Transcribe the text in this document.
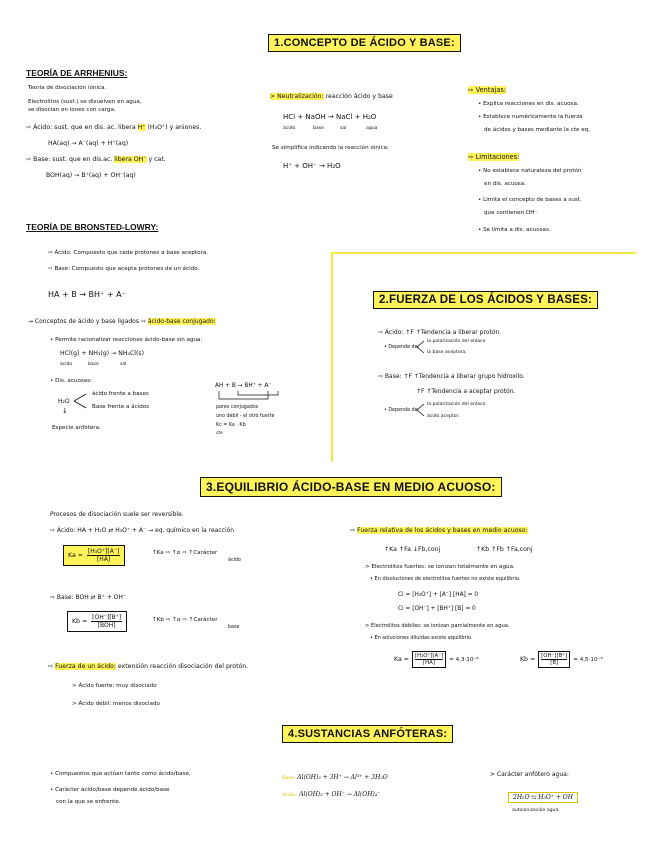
1.CONCEPTO DE ÁCIDO Y BASE:
TEORÍA DE ARRHENIUS:
Teoría de disociación iónica.
Electrolitos (sust.) se disuelven en agua,
se disocian en iones con carga.
⇨ Ácido: sust. que en dis. ac. libera H⁺ (H₃O⁺) y aniones.
HA(aq) → A⁻(aq) + H⁺(aq)
⇨ Base: sust. que en dis.ac. libera OH⁻ y cat.
BOH(aq) → B⁺(aq) + OH⁻(aq)
> Neutralización: reacción ácido y base
HCl + NaOH → NaCl + H₂O
ácido	base	sal	agua
Se simplifica indicando la reacción iónica:
H⁺ + OH⁻ → H₂O
⇨ Ventajas:
• Explica reacciones en dis. acuosa.
• Establece numéricamente la fuerza
de ácidos y bases mediante la cte eq.
⇨ Limitaciones:
• No establece naturaleza del protón
en dis. acuosa.
• Limita el concepto de bases a sust.
que contienen OH⁻
• Se limita a dis. acuosas.
TEORÍA DE BRONSTED-LOWRY:
⇨ Ácido: Compuesto que cede protones a base aceptora.
⇨ Base: Compuesto que acepta protones de un ácido.
HA + B → BH⁺ + A⁻
→ Conceptos de ácido y base ligados ⇨ ácido-base conjugado:
• Permite racionalizar reacciones ácido-base sin agua:
HCl(g) + NH₃(g) → NH₄Cl(s)
ácido	base	sal
• Dis. acuosas:
H₂O
ácido frente a bases
Base frente a ácidos
↓
Especie anfótera.
AH + B → BH⁺ + A⁻
pares conjugados
uno débil - el otro fuerte
Kc = Ka · Kb
cte
2.FUERZA DE LOS ÁCIDOS Y BASES:
⇨ Ácido: ↑F ↑Tendencia a liberar protón.
• Depende de:
la polarización del enlace
la base aceptora.
⇨ Base: ↑F ↑Tendencia a liberar grupo hidroxilo.
↑F ↑Tendencia a aceptar protón.
• Depende de:
la polarización del enlace.
ácido aceptor.
3.EQUILIBRIO ÁCIDO-BASE EN MEDIO ACUOSO:
Procesos de disociación suele ser reversible.
⇨ Ácido: HA + H₂O ⇄ H₃O⁺ + A⁻ → eq. químico en la reacción
$Ka = \frac{\text{[H₃O⁺][A⁻]}}{[HA]}$	↑Ka ⇨ ↑α ⇨ ↑Carácter
ácido
⇨ Base: BOH ⇄ B⁺ + OH⁻
Kb =
[OH⁻][B⁺]
[BOH]
↑Kb ⇨ ↑α ⇨ ↑Carácter
base
⇨ Fuerza de un ácido: extensión reacción disociación del protón.
> Ácido fuerte: muy disociado
> Ácido débil: menos disociado
⇨ Fuerza relativa de los ácidos y bases en medio acuoso:
↑Ka ↑Fa ↓Fb,conj	↑Kb ↑Fb ↑Fa,conj
> Electrolitos fuertes: se ionizan totalmente en agua.
• En disoluciones de electrolitos fuertes no existe equilibrio.
Ci = [H₃O⁺] + [A⁻] [HA] = 0
Ci = [OH⁻] + [BH⁺] [B] = 0
> Electrolitos débiles: se ionizan parcialmente en agua.
• En soluciones diluidas existe equilibrio.
$Ka = \frac{\text{[H₃O⁺][A⁻]}}{[HA]} = 4,3\cdot 10^{-8}$	$Kb = \frac{[OH^-][B^+]}{[B]} = 4,5\cdot 10^{-8}$
4.SUSTANCIAS ANFÓTERAS:
• Compuestos que actúan tanto como ácido/base.
• Carácter ácido/base depende ácido/base
con la que se enfrente.
Base: Al(OH)₃ + 3H⁺ → Al³⁺ + 3H₂O
Ácido: Al(OH)₃ + OH⁻ → Al(OH)₄⁻
> Carácter anfótero agua:
2H₂O ⇆ H₃O⁺ + OH
autoionización agua.
